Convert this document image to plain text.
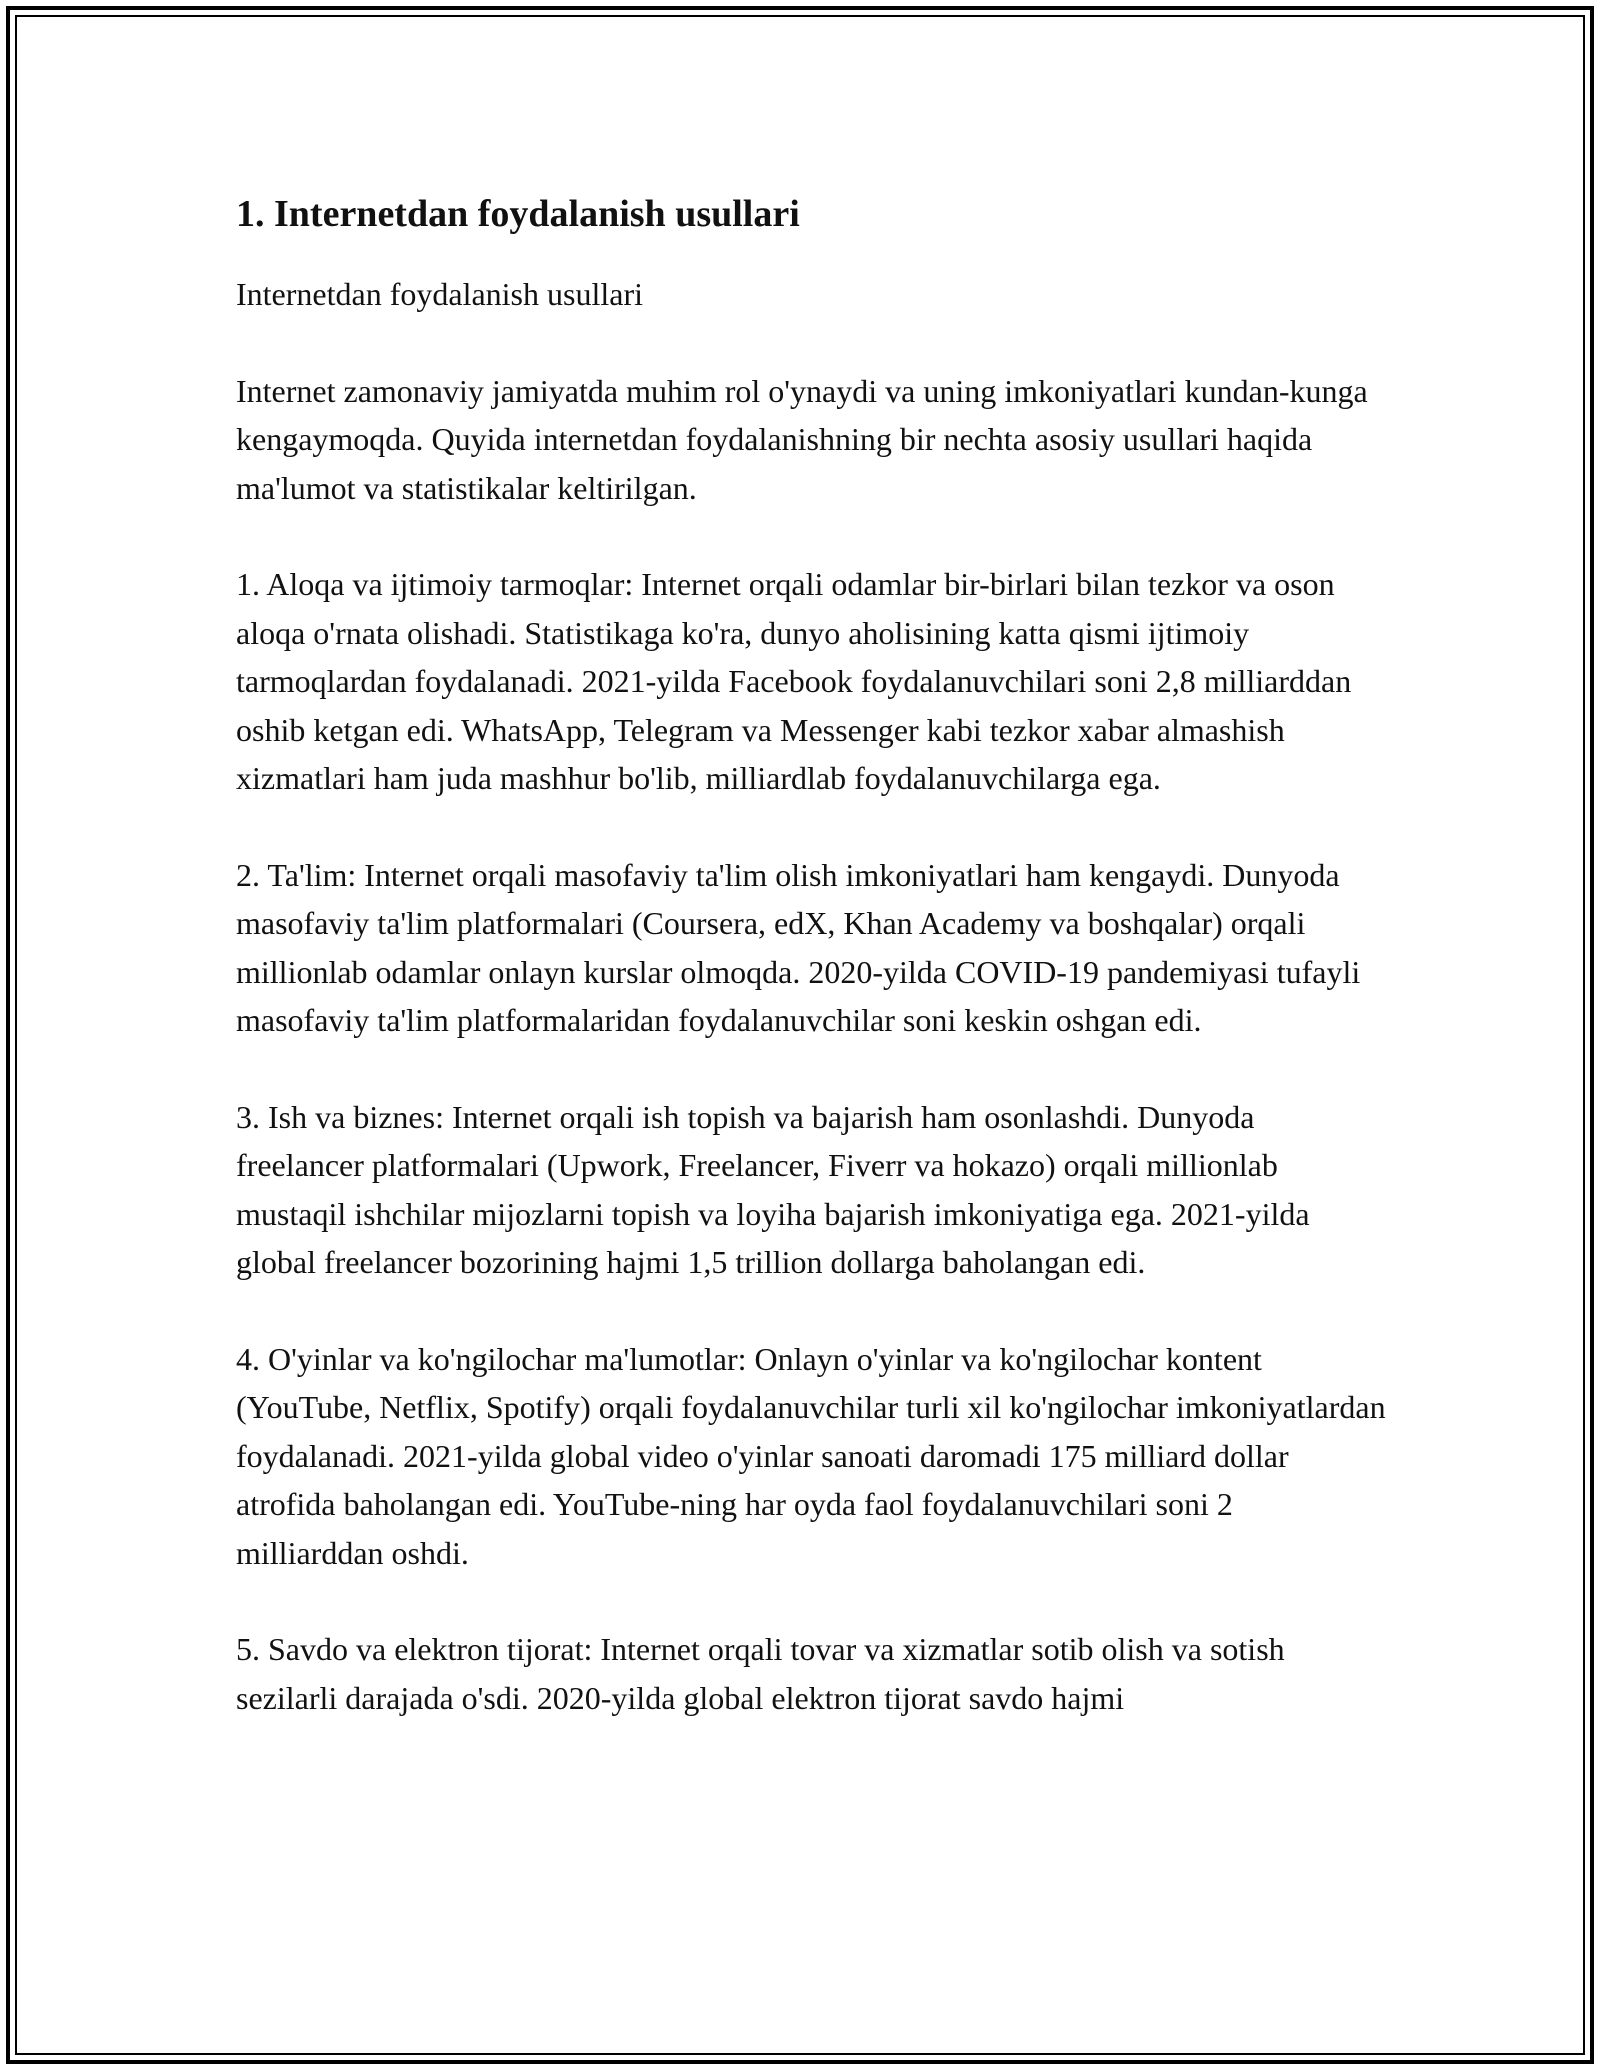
1. Internetdan foydalanish usullari

Internetdan foydalanish usullari

Internet zamonaviy jamiyatda muhim rol o'ynaydi va uning imkoniyatlari kundan-kunga kengaymoqda. Quyida internetdan foydalanishning bir nechta asosiy usullari haqida ma'lumot va statistikalar keltirilgan.

1. Aloqa va ijtimoiy tarmoqlar: Internet orqali odamlar bir-birlari bilan tezkor va oson aloqa o'rnata olishadi. Statistikaga ko'ra, dunyo aholisining katta qismi ijtimoiy tarmoqlardan foydalanadi. 2021-yilda Facebook foydalanuvchilari soni 2,8 milliarddan oshib ketgan edi. WhatsApp, Telegram va Messenger kabi tezkor xabar almashish xizmatlari ham juda mashhur bo'lib, milliardlab foydalanuvchilarga ega.

2. Ta'lim: Internet orqali masofaviy ta'lim olish imkoniyatlari ham kengaydi. Dunyoda masofaviy ta'lim platformalari (Coursera, edX, Khan Academy va boshqalar) orqali millionlab odamlar onlayn kurslar olmoqda. 2020-yilda COVID-19 pandemiyasi tufayli masofaviy ta'lim platformalaridan foydalanuvchilar soni keskin oshgan edi.

3. Ish va biznes: Internet orqali ish topish va bajarish ham osonlashdi. Dunyoda freelancer platformalari (Upwork, Freelancer, Fiverr va hokazo) orqali millionlab mustaqil ishchilar mijozlarni topish va loyiha bajarish imkoniyatiga ega. 2021-yilda global freelancer bozorining hajmi 1,5 trillion dollarga baholangan edi.

4. O'yinlar va ko'ngilochar ma'lumotlar: Onlayn o'yinlar va ko'ngilochar kontent (YouTube, Netflix, Spotify) orqali foydalanuvchilar turli xil ko'ngilochar imkoniyatlardan foydalanadi. 2021-yilda global video o'yinlar sanoati daromadi 175 milliard dollar atrofida baholangan edi. YouTube-ning har oyda faol foydalanuvchilari soni 2 milliarddan oshdi.

5. Savdo va elektron tijorat: Internet orqali tovar va xizmatlar sotib olish va sotish sezilarli darajada o'sdi. 2020-yilda global elektron tijorat savdo hajmi
